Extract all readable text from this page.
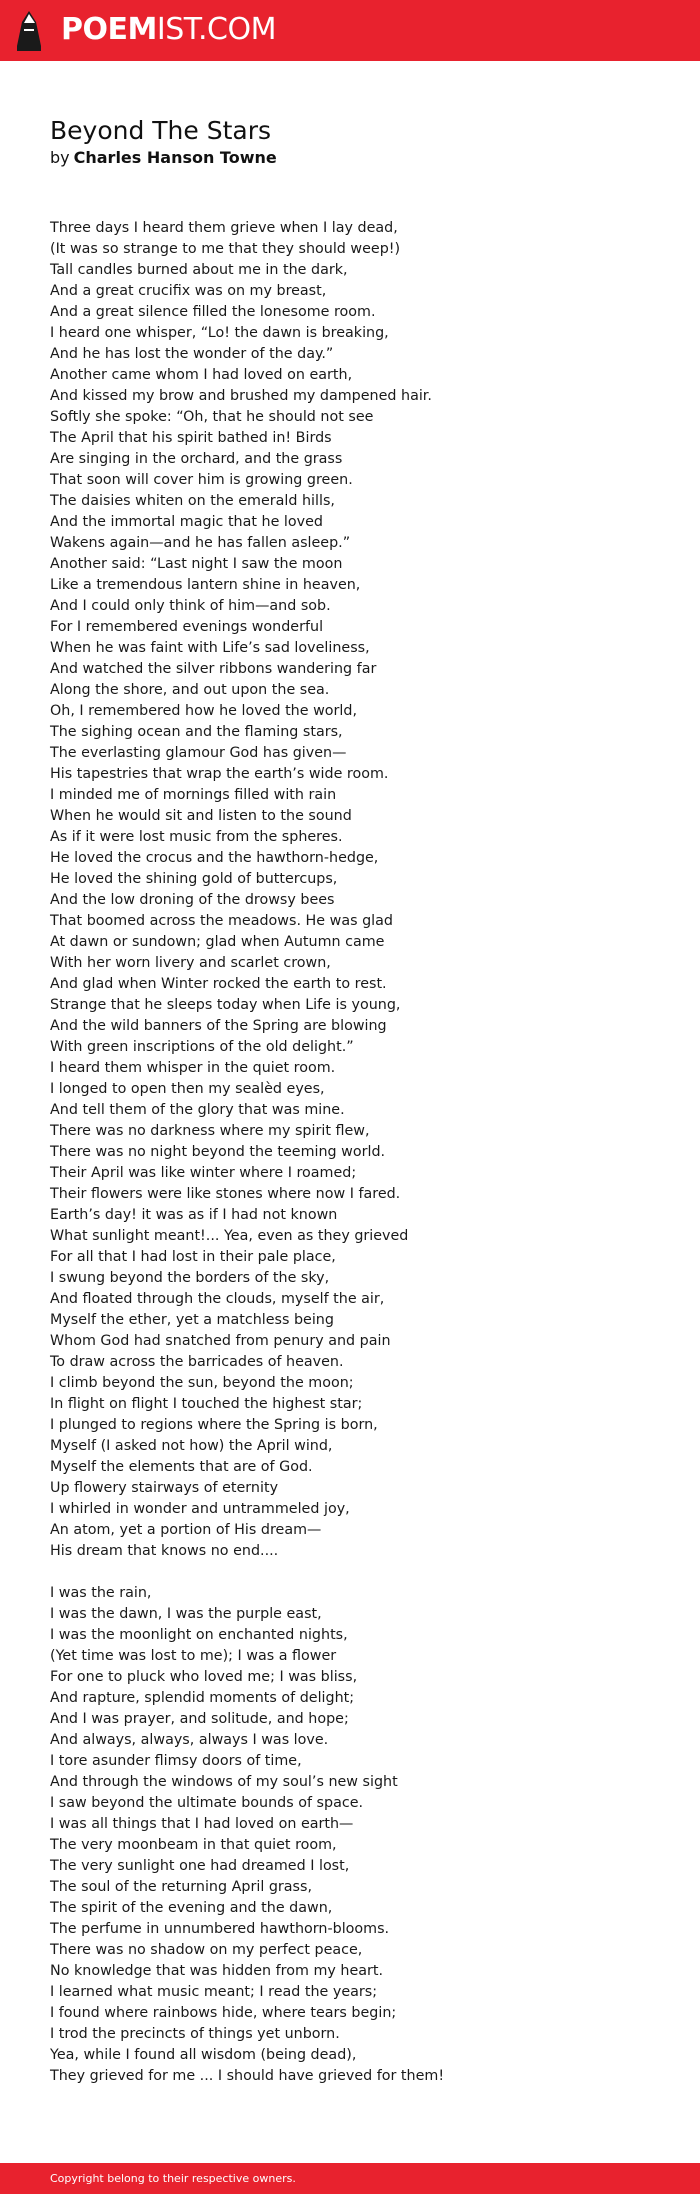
POEMIST.COM
Beyond The Stars
by Charles Hanson Towne
Three days I heard them grieve when I lay dead,
(It was so strange to me that they should weep!)
Tall candles burned about me in the dark,
And a great crucifix was on my breast,
And a great silence filled the lonesome room.
I heard one whisper, “Lo! the dawn is breaking,
And he has lost the wonder of the day.”
Another came whom I had loved on earth,
And kissed my brow and brushed my dampened hair.
Softly she spoke: “Oh, that he should not see
The April that his spirit bathed in! Birds
Are singing in the orchard, and the grass
That soon will cover him is growing green.
The daisies whiten on the emerald hills,
And the immortal magic that he loved
Wakens again—and he has fallen asleep.”
Another said: “Last night I saw the moon
Like a tremendous lantern shine in heaven,
And I could only think of him—and sob.
For I remembered evenings wonderful
When he was faint with Life’s sad loveliness,
And watched the silver ribbons wandering far
Along the shore, and out upon the sea.
Oh, I remembered how he loved the world,
The sighing ocean and the flaming stars,
The everlasting glamour God has given—
His tapestries that wrap the earth’s wide room.
I minded me of mornings filled with rain
When he would sit and listen to the sound
As if it were lost music from the spheres.
He loved the crocus and the hawthorn-hedge,
He loved the shining gold of buttercups,
And the low droning of the drowsy bees
That boomed across the meadows. He was glad
At dawn or sundown; glad when Autumn came
With her worn livery and scarlet crown,
And glad when Winter rocked the earth to rest.
Strange that he sleeps today when Life is young,
And the wild banners of the Spring are blowing
With green inscriptions of the old delight.”
I heard them whisper in the quiet room.
I longed to open then my sealèd eyes,
And tell them of the glory that was mine.
There was no darkness where my spirit flew,
There was no night beyond the teeming world.
Their April was like winter where I roamed;
Their flowers were like stones where now I fared.
Earth’s day! it was as if I had not known
What sunlight meant!... Yea, even as they grieved
For all that I had lost in their pale place,
I swung beyond the borders of the sky,
And floated through the clouds, myself the air,
Myself the ether, yet a matchless being
Whom God had snatched from penury and pain
To draw across the barricades of heaven.
I climb beyond the sun, beyond the moon;
In flight on flight I touched the highest star;
I plunged to regions where the Spring is born,
Myself (I asked not how) the April wind,
Myself the elements that are of God.
Up flowery stairways of eternity
I whirled in wonder and untrammeled joy,
An atom, yet a portion of His dream—
His dream that knows no end....
I was the rain,
I was the dawn, I was the purple east,
I was the moonlight on enchanted nights,
(Yet time was lost to me); I was a flower
For one to pluck who loved me; I was bliss,
And rapture, splendid moments of delight;
And I was prayer, and solitude, and hope;
And always, always, always I was love.
I tore asunder flimsy doors of time,
And through the windows of my soul’s new sight
I saw beyond the ultimate bounds of space.
I was all things that I had loved on earth—
The very moonbeam in that quiet room,
The very sunlight one had dreamed I lost,
The soul of the returning April grass,
The spirit of the evening and the dawn,
The perfume in unnumbered hawthorn-blooms.
There was no shadow on my perfect peace,
No knowledge that was hidden from my heart.
I learned what music meant; I read the years;
I found where rainbows hide, where tears begin;
I trod the precincts of things yet unborn.
Yea, while I found all wisdom (being dead),
They grieved for me ... I should have grieved for them!
Copyright belong to their respective owners.
